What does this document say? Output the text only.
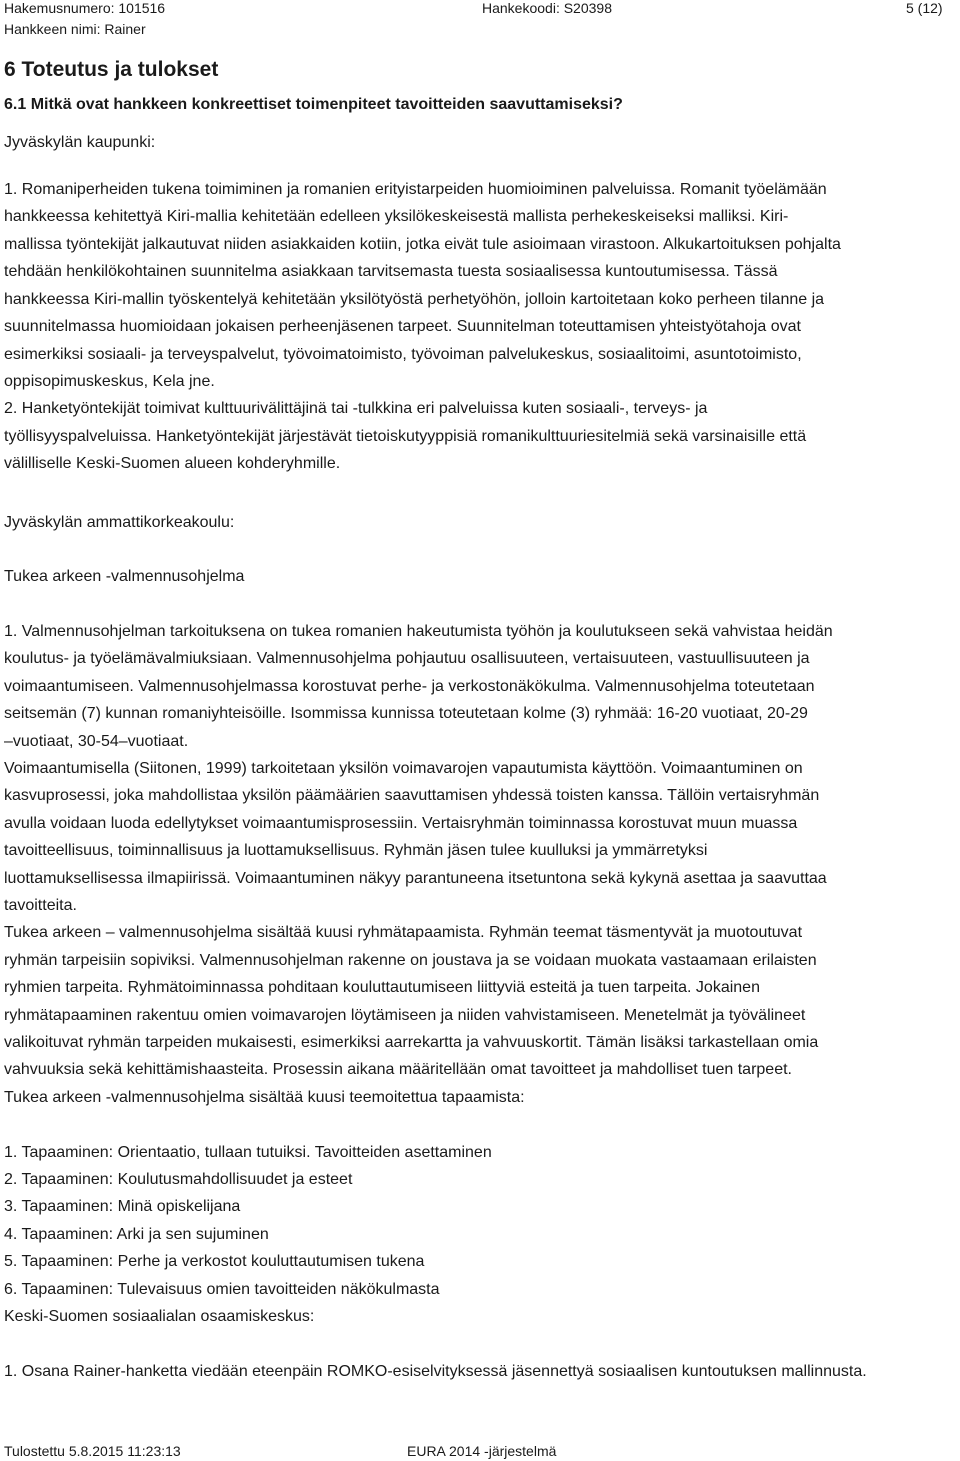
Hakemusnumero: 101516	Hankekoodi: S20398	5 (12)
Hankkeen nimi: Rainer
6 Toteutus ja tulokset
6.1 Mitkä ovat hankkeen konkreettiset toimenpiteet tavoitteiden saavuttamiseksi?
Jyväskylän kaupunki:
1. Romaniperheiden tukena toimiminen ja romanien erityistarpeiden huomioiminen palveluissa. Romanit työelämään
hankkeessa kehitettyä Kiri-mallia kehitetään edelleen yksilökeskeisestä mallista perhekeskeiseksi malliksi. Kiri-
mallissa työntekijät jalkautuvat niiden asiakkaiden kotiin, jotka eivät tule asioimaan virastoon. Alkukartoituksen pohjalta
tehdään henkilökohtainen suunnitelma asiakkaan tarvitsemasta tuesta sosiaalisessa kuntoutumisessa. Tässä
hankkeessa Kiri-mallin työskentelyä kehitetään yksilötyöstä perhetyöhön, jolloin kartoitetaan koko perheen tilanne ja
suunnitelmassa huomioidaan jokaisen perheenjäsenen tarpeet. Suunnitelman toteuttamisen yhteistyötahoja ovat
esimerkiksi sosiaali- ja terveyspalvelut, työvoimatoimisto, työvoiman palvelukeskus, sosiaalitoimi, asuntotoimisto,
oppisopimuskeskus, Kela jne.
2. Hanketyöntekijät toimivat kulttuurivälittäjinä tai -tulkkina eri palveluissa kuten sosiaali-, terveys- ja
työllisyyspalveluissa. Hanketyöntekijät järjestävät tietoiskutyyppisiä romanikulttuuriesitelmiä sekä varsinaisille että
välilliselle Keski-Suomen alueen kohderyhmille.
Jyväskylän ammattikorkeakoulu:
Tukea arkeen -valmennusohjelma
1. Valmennusohjelman tarkoituksena on tukea romanien hakeutumista työhön ja koulutukseen sekä vahvistaa heidän
koulutus- ja työelämävalmiuksiaan. Valmennusohjelma pohjautuu osallisuuteen, vertaisuuteen, vastuullisuuteen ja
voimaantumiseen. Valmennusohjelmassa korostuvat perhe- ja verkostonäkökulma. Valmennusohjelma toteutetaan
seitsemän (7) kunnan romaniyhteisöille. Isommissa kunnissa toteutetaan kolme (3) ryhmää: 16-20 vuotiaat, 20-29
–vuotiaat, 30-54–vuotiaat.
Voimaantumisella (Siitonen, 1999) tarkoitetaan yksilön voimavarojen vapautumista käyttöön. Voimaantuminen on
kasvuprosessi, joka mahdollistaa yksilön päämäärien saavuttamisen yhdessä toisten kanssa. Tällöin vertaisryhmän
avulla voidaan luoda edellytykset voimaantumisprosessiin. Vertaisryhmän toiminnassa korostuvat muun muassa
tavoitteellisuus, toiminnallisuus ja luottamuksellisuus. Ryhmän jäsen tulee kuulluksi ja ymmärretyksi
luottamuksellisessa ilmapiirissä. Voimaantuminen näkyy parantuneena itsetuntona sekä kykynä asettaa ja saavuttaa
tavoitteita.
Tukea arkeen – valmennusohjelma sisältää kuusi ryhmätapaamista. Ryhmän teemat täsmentyvät ja muotoutuvat
ryhmän tarpeisiin sopiviksi. Valmennusohjelman rakenne on joustava ja se voidaan muokata vastaamaan erilaisten
ryhmien tarpeita. Ryhmätoiminnassa pohditaan kouluttautumiseen liittyviä esteitä ja tuen tarpeita. Jokainen
ryhmätapaaminen rakentuu omien voimavarojen löytämiseen ja niiden vahvistamiseen. Menetelmät ja työvälineet
valikoituvat ryhmän tarpeiden mukaisesti, esimerkiksi aarrekartta ja vahvuuskortit. Tämän lisäksi tarkastellaan omia
vahvuuksia sekä kehittämishaasteita. Prosessin aikana määritellään omat tavoitteet ja mahdolliset tuen tarpeet.
Tukea arkeen -valmennusohjelma sisältää kuusi teemoitettua tapaamista:
1. Tapaaminen: Orientaatio, tullaan tutuiksi. Tavoitteiden asettaminen
2. Tapaaminen: Koulutusmahdollisuudet ja esteet
3. Tapaaminen: Minä opiskelijana
4. Tapaaminen: Arki ja sen sujuminen
5. Tapaaminen: Perhe ja verkostot kouluttautumisen tukena
6. Tapaaminen: Tulevaisuus omien tavoitteiden näkökulmasta
Keski-Suomen sosiaalialan osaamiskeskus:
1. Osana Rainer-hanketta viedään eteenpäin ROMKO-esiselvityksessä jäsennettyä sosiaalisen kuntoutuksen mallinnusta.
Tulostettu 5.8.2015 11:23:13	EURA 2014 -järjestelmä
